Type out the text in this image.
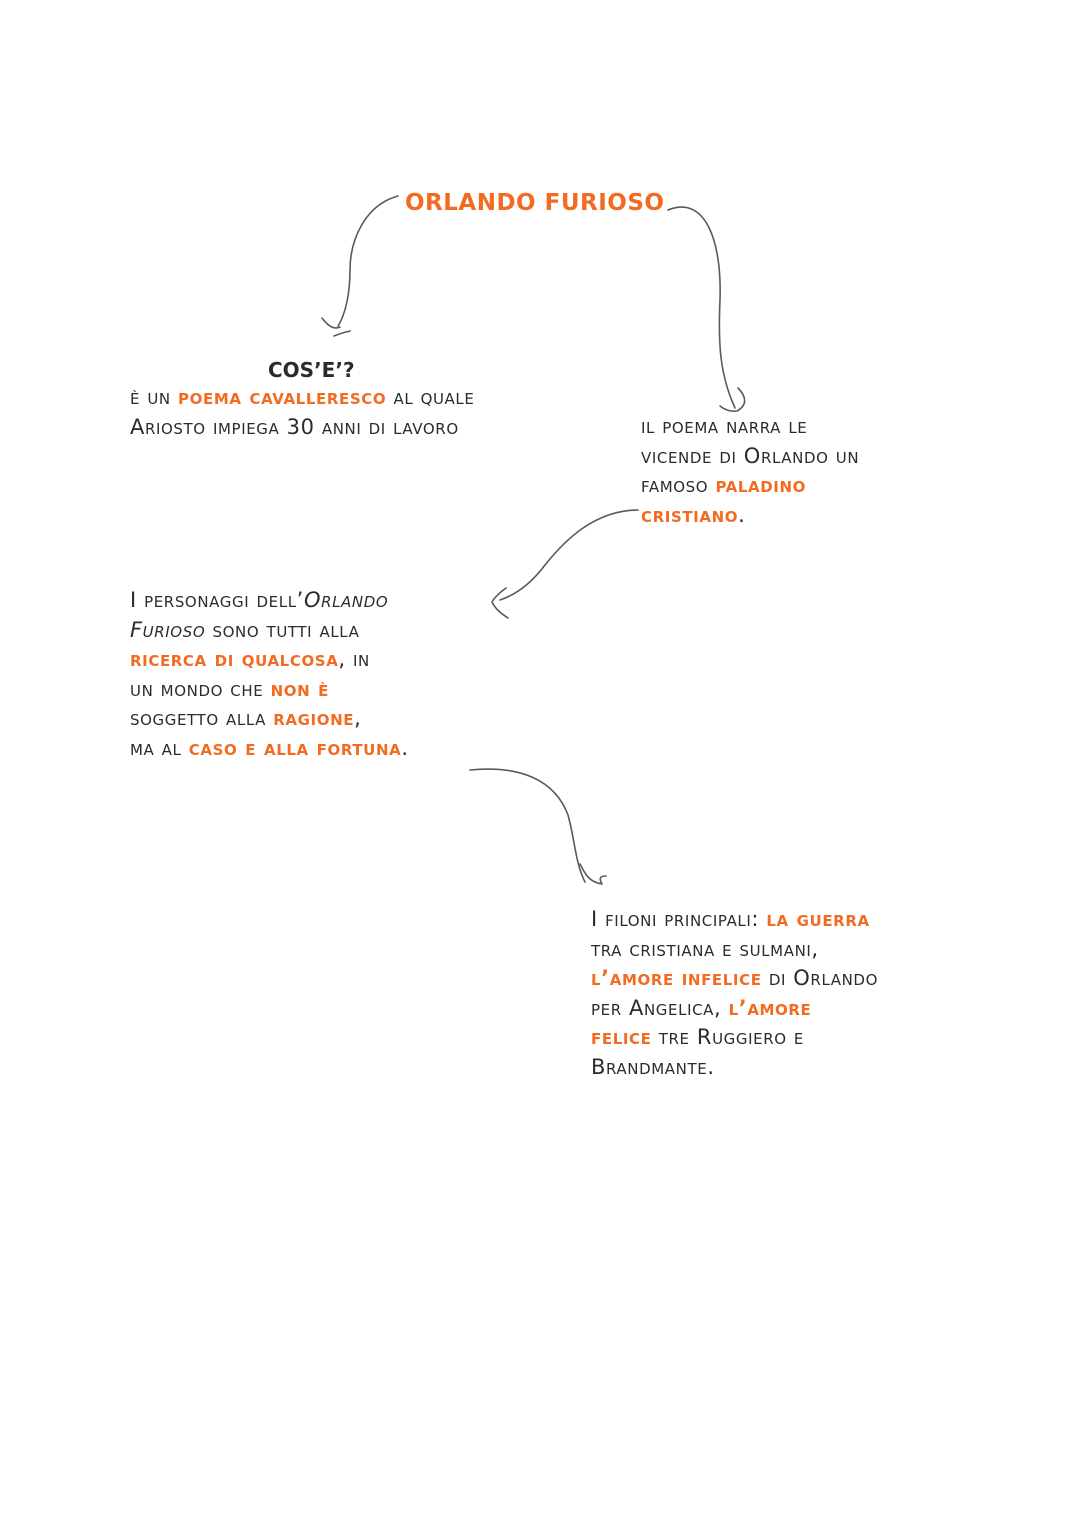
ORLANDO FURIOSO

COS’E’?

è un poema cavalleresco al quale
Ariosto impiega 30 anni di lavoro	il poema narra le
vicende di Orlando un
famoso paladino
cristiano.

I personaggi dell’Orlando
Furioso sono tutti alla
ricerca di qualcosa, in
un mondo che non è
soggetto alla ragione,
ma al caso e alla fortuna.

I filoni principali: la guerra
tra cristiana e sulmani,
l’amore infelice di Orlando
per Angelica, l’amore
felice tre Ruggiero e
Brandmante.
